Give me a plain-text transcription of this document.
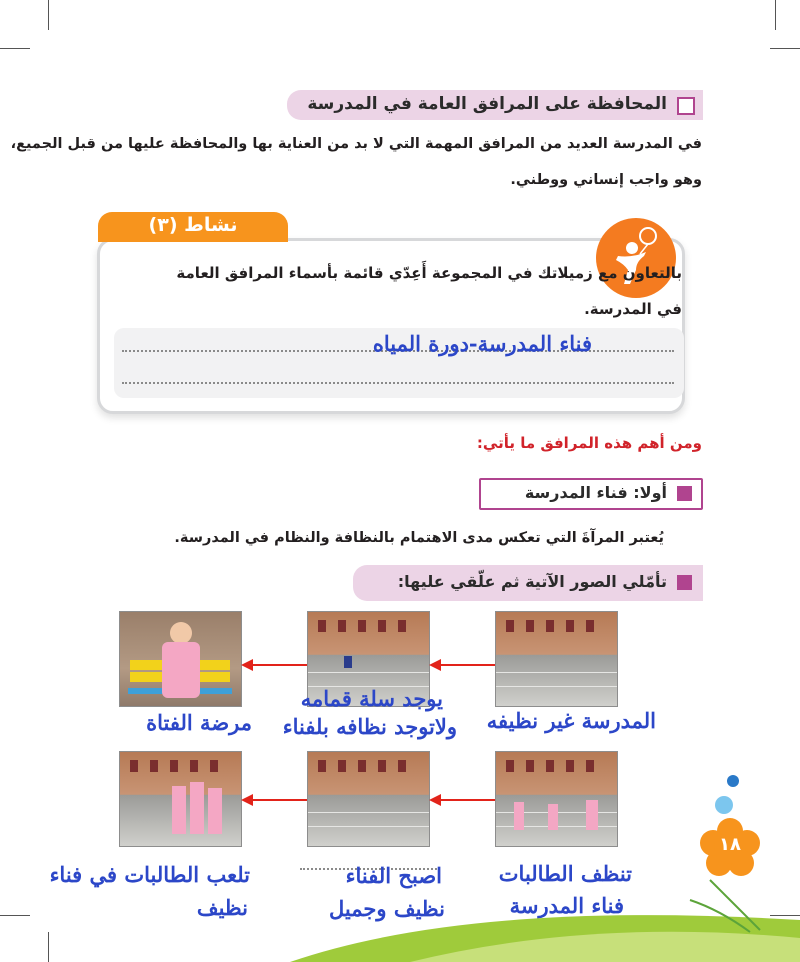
المحافظة على المرافق العامة في المدرسة
في المدرسة العديد من المرافق المهمة التي لا بد من العناية بها والمحافظة عليها من قبل الجميع،
وهو واجب إنساني ووطني.
نشاط (٣)
بالتعاون مع زميلاتك في المجموعة أَعِدّي قائمة بأسماء المرافق العامة
في المدرسة.
فناء المدرسة-دورة المياه
ومن أهم هذه المرافق ما يأتي:
أولا: فناء المدرسة
يُعتبر المرآةَ التي تعكس مدى الاهتمام بالنظافة والنظام في المدرسة.
تأمّلي الصور الآتية ثم علّقي عليها:
المدرسة غير نظيفه
يوجد سلة قمامه
ولاتوجد نظافه بلفناء
مرضة الفتاة
تنظف الطالبات
فناء المدرسة
اصبح الفناء
نظيف وجميل
تلعب الطالبات في فناء
نظيف
١٨
